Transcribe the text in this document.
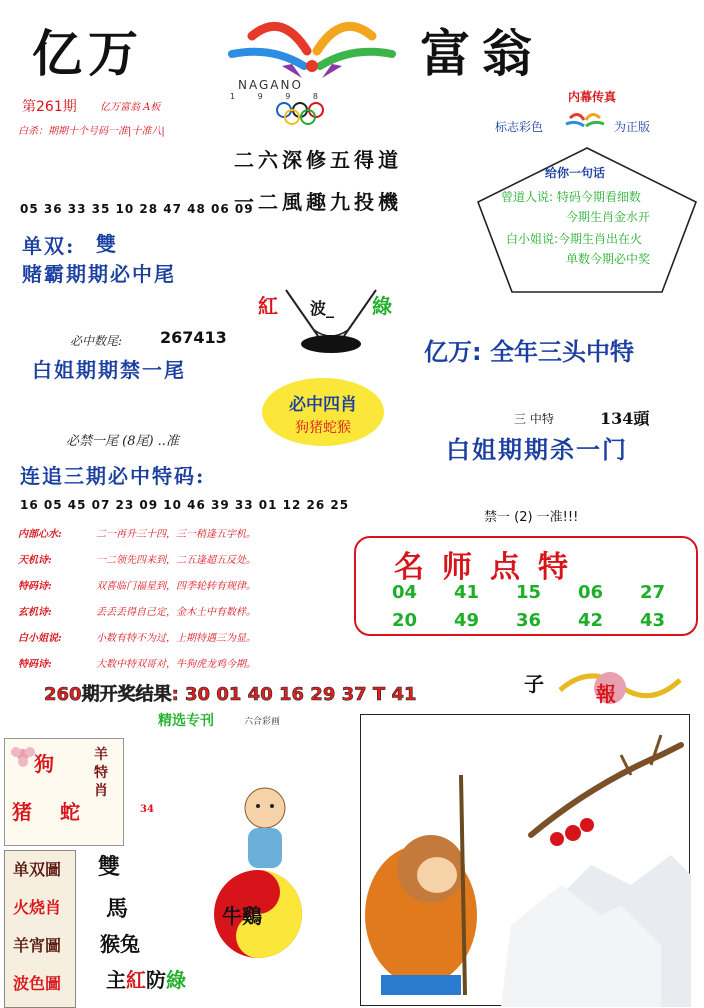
亿万	富翁
NAGANO
1 9 9 8
第261期 亿万富翁 A板
白杀：期期十个号码一准|十准八|
二六深修五得道
一二風趣九投機
内幕传真
标志彩色	为正版
给你一句话
曾道人说: 特码今期看细数
今期生肖金水开
白小姐说:今期生肖出在火
单数今期必中奖
05 36 33 35 10 28 47 48 06 09
单双: 雙
赌霸期期必中尾
紅 波_ 綠
必中数尾: 267413
白姐期期禁一尾
亿万: 全年三头中特
必中四肖
狗猪蛇猴
三 中特	134頭
白姐期期杀一门
必禁一尾 (8尾) ..准
连追三期必中特码:
16 05 45 07 23 09 10 46 39 33 01 12 26 25
禁一 (2) 一准!!!
内部心水:	二一再升三十四，三一稍逢五字机。
天机诗:	一二领先四来到，二五逢超五反处。
特码诗:	双喜临门福星到，四季轮转有规律。
玄机诗:	丢丢丢得自己定，金木土中有数样。
白小姐说:	小数有特不为过，上期特遇三为显。
特码诗:	大数中特双哥对，牛狗虎龙鸡今期。
名师点特
04 41 15 06 27
20 49 36 42 43
260期开奖结果: 30 01 40 16 29 37 T 41
精选专刊	六合彩画
狗
猪 蛇
羊特肖
34
单双圖
火烧肖
羊宵圖
波色圖
雙
馬
猴兔
主紅防綠
牛鷄
子	報
